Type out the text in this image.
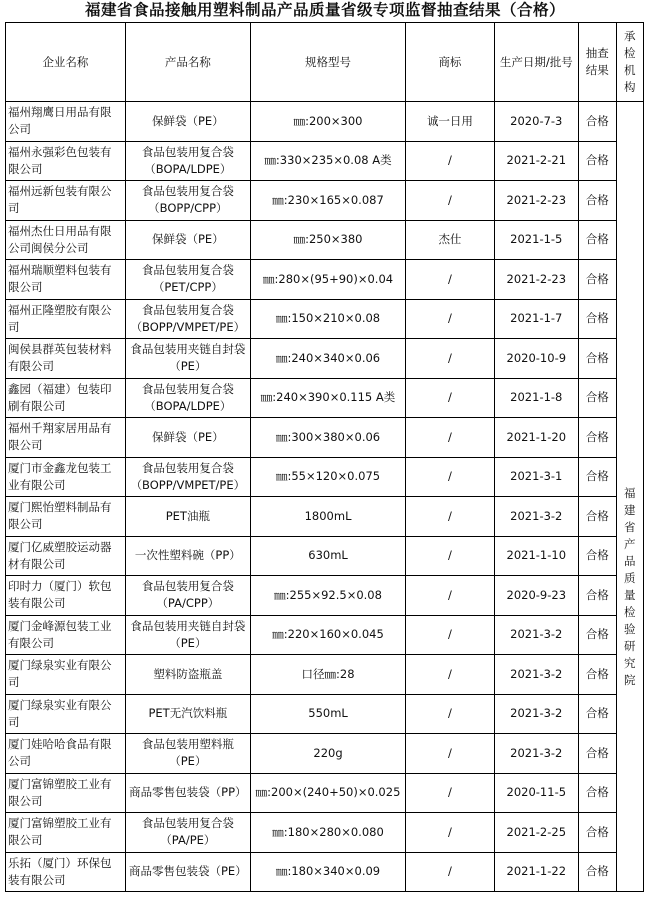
福建省食品接触用塑料制品产品质量省级专项监督抽查结果（合格）
企业名称	产品名称	规格型号	商标	生产日期/批号	抽查结果	承检机构
福州翔鹰日用品有限公司	保鲜袋（PE）	㎜:200×300	诚一日用	2020-7-3	合格	福建省产品质量检验研究院
福州永强彩色包装有限公司	食品包装用复合袋（BOPA/LDPE）	㎜:330×235×0.08 A类	/	2021-2-21	合格	
福州远新包装有限公司	食品包装用复合袋（BOPP/CPP）	㎜:230×165×0.087	/	2021-2-23	合格	
福州杰仕日用品有限公司闽侯分公司	保鲜袋（PE）	㎜:250×380	杰仕	2021-1-5	合格	
福州瑞顺塑料包装有限公司	食品包装用复合袋（PET/CPP）	㎜:280×(95+90)×0.04	/	2021-2-23	合格	
福州正隆塑胶有限公司	食品包装用复合袋（BOPP/VMPET/PE）	㎜:150×210×0.08	/	2021-1-7	合格	
闽侯县群英包装材料有限公司	食品包装用夹链自封袋（PE）	㎜:240×340×0.06	/	2020-10-9	合格	
鑫园（福建）包装印刷有限公司	食品包装用复合袋（BOPA/LDPE）	㎜:240×390×0.115 A类	/	2021-1-8	合格	
福州千翔家居用品有限公司	保鲜袋（PE）	㎜:300×380×0.06	/	2021-1-20	合格	
厦门市金鑫龙包装工业有限公司	食品包装用复合袋（BOPP/VMPET/PE）	㎜:55×120×0.075	/	2021-3-1	合格	
厦门熙怡塑料制品有限公司	PET油瓶	1800mL	/	2021-3-2	合格	
厦门亿威塑胶运动器材有限公司	一次性塑料碗（PP）	630mL	/	2021-1-10	合格	
印时力（厦门）软包装有限公司	食品包装用复合袋（PA/CPP）	㎜:255×92.5×0.08	/	2020-9-23	合格	
厦门金峰源包装工业有限公司	食品包装用夹链自封袋（PE）	㎜:220×160×0.045	/	2021-3-2	合格	
厦门绿泉实业有限公司	塑料防盗瓶盖	口径㎜:28	/	2021-3-2	合格	
厦门绿泉实业有限公司	PET无汽饮料瓶	550mL	/	2021-3-2	合格	
厦门娃哈哈食品有限公司	食品包装用塑料瓶（PE）	220g	/	2021-3-2	合格	
厦门富锦塑胶工业有限公司	商品零售包装袋（PP）	㎜:200×(240+50)×0.025	/	2020-11-5	合格	
厦门富锦塑胶工业有限公司	食品包装用复合袋（PA/PE）	㎜:180×280×0.080	/	2021-2-25	合格	
乐拓（厦门）环保包装有限公司	商品零售包装袋（PE）	㎜:180×340×0.09	/	2021-1-22	合格	
